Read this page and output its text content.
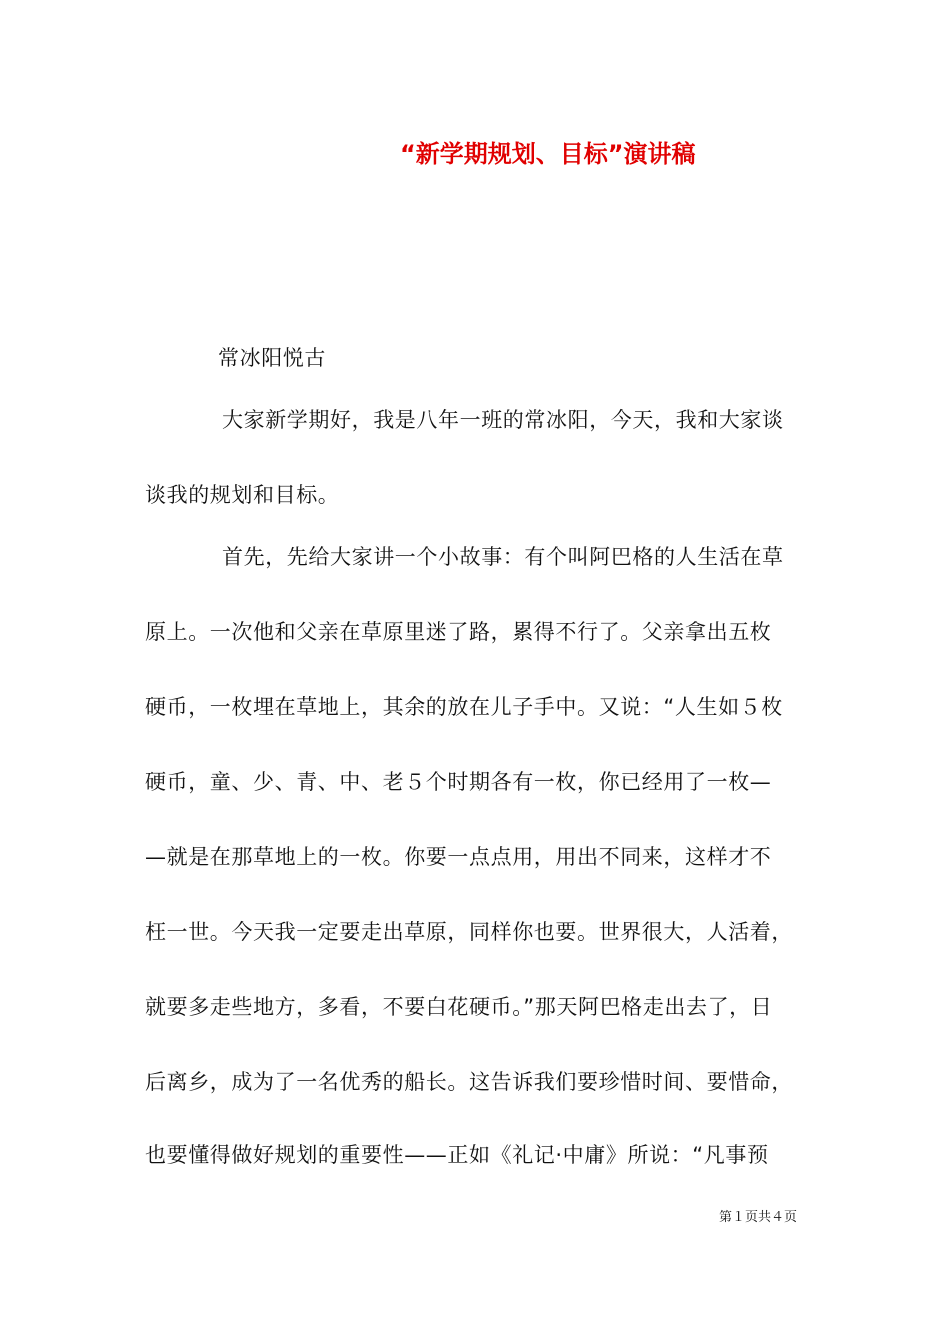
“新学期规划、目标”演讲稿
常冰阳悦古
大家新学期好，我是八年一班的常冰阳，今天，我和大家谈
谈我的规划和目标。
首先，先给大家讲一个小故事：有个叫阿巴格的人生活在草
原上。一次他和父亲在草原里迷了路，累得不行了。父亲拿出五枚
硬币，一枚埋在草地上，其余的放在儿子手中。又说：“人生如５枚
硬币，童、少、青、中、老５个时期各有一枚，你已经用了一枚—
—就是在那草地上的一枚。你要一点点用，用出不同来，这样才不
枉一世。今天我一定要走出草原，同样你也要。世界很大，人活着，
就要多走些地方，多看，不要白花硬币。”那天阿巴格走出去了，日
后离乡，成为了一名优秀的船长。这告诉我们要珍惜时间、要惜命，
也要懂得做好规划的重要性——正如《礼记·中庸》所说：“凡事预
第１页共４页
